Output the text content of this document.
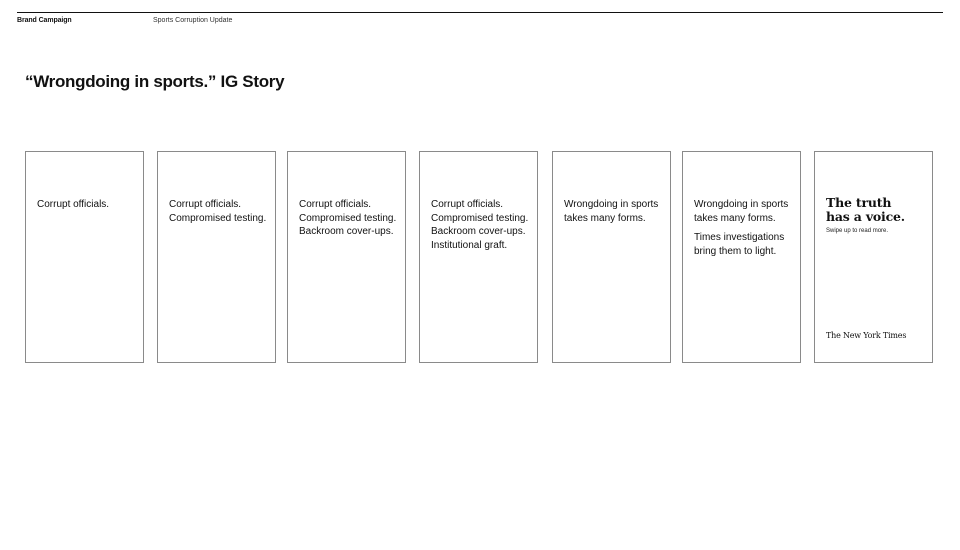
Brand Campaign	Sports Corruption Update
“Wrongdoing in sports.” IG Story
Corrupt officials.	Corrupt officials.
Compromised testing.
Corrupt officials.
Compromised testing.
Backroom cover-ups.
Corrupt officials.
Compromised testing.
Backroom cover-ups.
Institutional graft.
Wrongdoing in sports
takes many forms.
Wrongdoing in sports
takes many forms.
Times investigations
bring them to light.
The truth
has a voice.
Swipe up to read more.
The New York Times
